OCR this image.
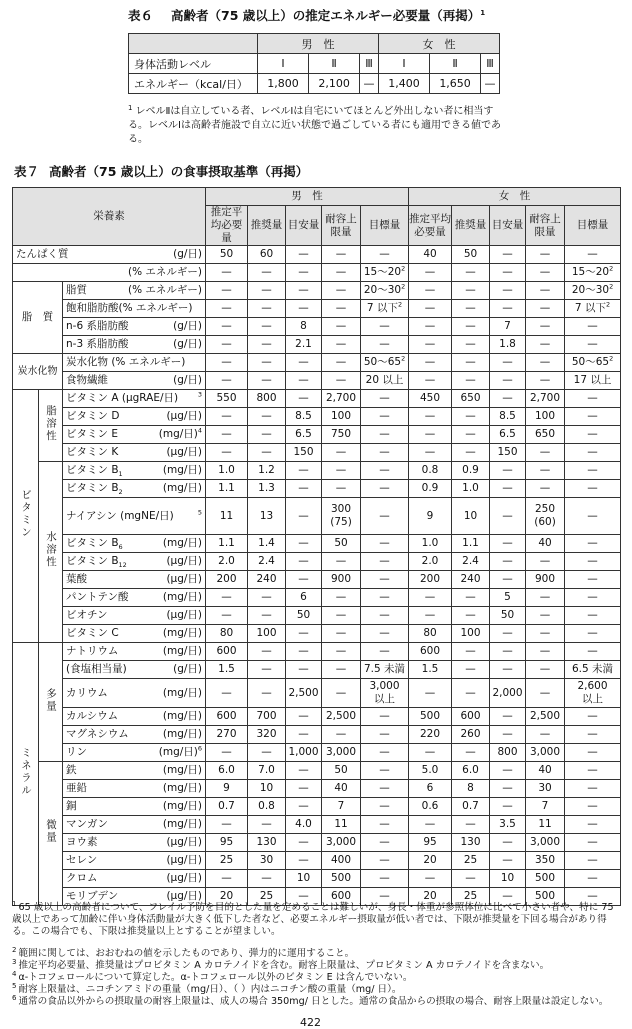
表６ 高齢者（75 歳以上）の推定エネルギー必要量（再掲）$^1$
	男　性			女　性		
身体活動レベル	Ⅰ	Ⅱ	Ⅲ	Ⅰ	Ⅱ	Ⅲ
エネルギー（kcal/日）	1,800	2,100	—	1,400	1,650	—
$^1$ レベルⅡは自立している者、レベルⅠは自宅にいてほとんど外出しない者に相当する。レベルⅠは高齢者施設で自立に近い状態で過ごしている者にも適用できる値である。
表７ 高齢者（75 歳以上）の食事摂取基準（再掲）
栄養素			男　性					女　性				
			推定平均必要量	推奨量	目安量	耐容上限量	目標量	推定平均必要量	推奨量	目安量	耐容上限量	目標量

たんぱく質 (g/日)			50	60	—	—	—	40	50	—	—	—

(% エネルギー)			—	—	—	—	$15\sim 20^2$	—	—	—	—	$15\sim 20^2$
脂　質		脂質 (% エネルギー)	—	—	—	—	$20\sim 30^2$	—	—	—	—	$20\sim 30^2$

		飽和脂肪酸(% エネルギー)	—	—	—	—	7 以下$^2$	—	—	—	—	7 以下$^2$

		n-6 系脂肪酸 (g/日)	—	—	8	—	—	—	—	7	—	—

		n-3 系脂肪酸 (g/日)	—	—	2.1	—	—	—	—	1.8	—	—
炭水化物		炭水化物 (% エネルギー)	—	—	—	—	$50\sim 65^2$	—	—	—	—	$50\sim 65^2$

		食物繊維 (g/日)	—	—	—	—	20 以上	—	—	—	—	17 以上
ビタミン	脂溶性	ビタミン A (μgRAE/日) $^3$	550	800	—	2,700	—	450	650	—	2,700	—

		ビタミン D (μg/日)	—	—	8.5	100	—	—	—	8.5	100	—

		ビタミン E (mg/日)$^4$	—	—	6.5	750	—	—	—	6.5	650	—

		ビタミン K (μg/日)	—	—	150	—	—	—	—	150	—	—
	水溶性	ビタミン $B_1$ (mg/日)	1.0	1.2	—	—	—	0.8	0.9	—	—	—

		ビタミン $B_2$ (mg/日)	1.1	1.3	—	—	—	0.9	1.0	—	—	—

		ナイアシン (mgNE/日) $^5$	11	13	—	300
(75)	—	9	10	—	250
(60)	—

		ビタミン $B_6$ (mg/日)	1.1	1.4	—	50	—	1.0	1.1	—	40	—

		ビタミン $B_{12}$ (μg/日)	2.0	2.4	—	—	—	2.0	2.4	—	—	—

		葉酸 (μg/日)	200	240	—	900	—	200	240	—	900	—

		パントテン酸 (mg/日)	—	—	6	—	—	—	—	5	—	—

		ビオチン (μg/日)	—	—	50	—	—	—	—	50	—	—

		ビタミン C (mg/日)	80	100	—	—	—	80	100	—	—	—
ミネラル	多量	ナトリウム (mg/日)	600	—	—	—	—	600	—	—	—	—

		(食塩相当量) (g/日)	1.5	—	—	—	7.5 未満	1.5	—	—	—	6.5 未満

		カリウム (mg/日)	—	—	2,500	—	3,000
以上	—	—	2,000	—	2,600
以上

		カルシウム (mg/日)	600	700	—	2,500	—	500	600	—	2,500	—

		マグネシウム (mg/日)	270	320	—	—	—	220	260	—	—	—

		リン (mg/日)$^6$	—	—	1,000	3,000	—	—	—	800	3,000	—
	微量	鉄 (mg/日)	6.0	7.0	—	50	—	5.0	6.0	—	40	—

		亜鉛 (mg/日)	9	10	—	40	—	6	8	—	30	—

		銅 (mg/日)	0.7	0.8	—	7	—	0.6	0.7	—	7	—

		マンガン (mg/日)	—	—	4.0	11	—	—	—	3.5	11	—

		ヨウ素 (μg/日)	95	130	—	3,000	—	95	130	—	3,000	—

		セレン (μg/日)	25	30	—	400	—	20	25	—	350	—

		クロム (μg/日)	—	—	10	500	—	—	—	10	500	—

		モリブデン (μg/日)	20	25	—	600	—	20	25	—	500	—
$^1$ 65 歳以上の高齢者について、フレイル予防を目的とした量を定めることは難しいが、身長・体重が参照体位に比べて小さい者や、特に 75 歳以上であって加齢に伴い身体活動量が大きく低下した者など、必要エネルギー摂取量が低い者では、下限が推奨量を下回る場合があり得る。この場合でも、下限は推奨量以上とすることが望ましい。
$^2$ 範囲に関しては、おおむねの値を示したものであり、弾力的に運用すること。
$^3$ 推定平均必要量、推奨量はプロビタミン A カロテノイドを含む。耐容上限量は、プロビタミン A カロテノイドを含まない。
$^4$ α-トコフェロールについて算定した。α-トコフェロール以外のビタミン E は含んでいない。
$^5$ 耐容上限量は、ニコチンアミドの重量（mg/日）、（ ）内はニコチン酸の重量（mg/ 日）。
$^6$ 通常の食品以外からの摂取量の耐容上限量は、成人の場合 350mg/ 日とした。通常の食品からの摂取の場合、耐容上限量は設定しない。
422
